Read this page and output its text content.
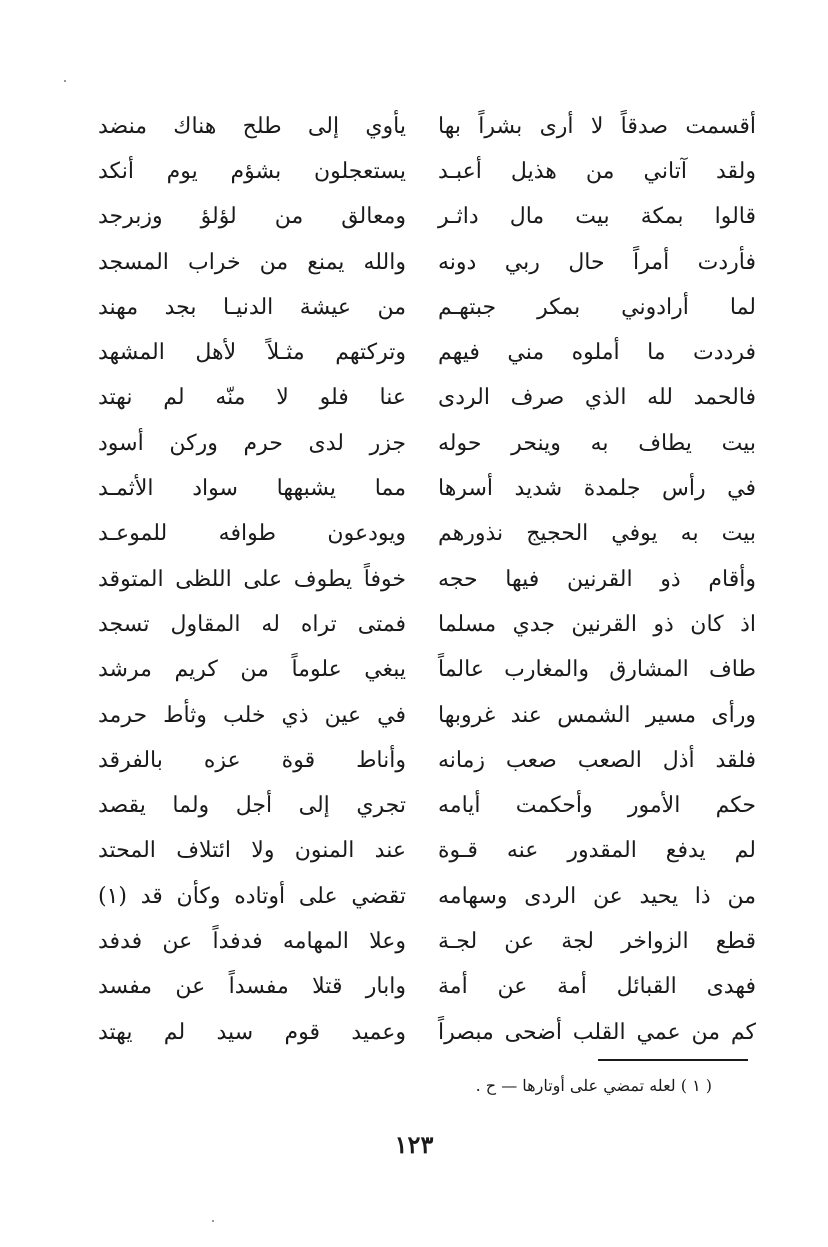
يأوي إلى طلح هناك منضد أقسمت صدقاً لا أرى بشراً بها
يستعجلون بشؤم يوم أنكد ولقد آتاني من هذيل أعبـد
ومعالق من لؤلؤ وزبرجد قالوا بمكة بيت مال داثـر
والله يمنع من خراب المسجد فأردت أمراً حال ربي دونه
من عيشة الدنيـا بجد مهند لما أرادوني بمكر جبتهـم
وتركتهم مثـلاً لأهل المشهد فرددت ما أملوه مني فيهم
عنا فلو لا منّه لم نهتد فالحمد لله الذي صرف الردى
جزر لدى حرم وركن أسود بيت يطاف به وينحر حوله
مما يشبهها سواد الأثمـد في رأس جلمدة شديد أسرها
ويودعون طوافه للموعـد بيت به يوفي الحجيج نذورهم
خوفاً يطوف على اللظى المتوقد وأقام ذو القرنين فيها حجه
فمتى تراه له المقاول تسجد اذ كان ذو القرنين جدي مسلما
يبغي علوماً من كريم مرشد طاف المشارق والمغارب عالماً
في عين ذي خلب وثأط حرمد ورأى مسير الشمس عند غروبها
وأناط قوة عزه بالفرقد فلقد أذل الصعب صعب زمانه
تجري إلى أجل ولما يقصد حكم الأمور وأحكمت أيامه
عند المنون ولا ائتلاف المحتد لم يدفع المقدور عنه قـوة
تقضي على أوتاده وكأن قد (١) من ذا يحيد عن الردى وسهامه
وعلا المهامه فدفداً عن فدفد قطع الزواخر لجة عن لجـة
وابار قتلا مفسداً عن مفسد فهدى القبائل أمة عن أمة
وعميد قوم سيد لم يهتد كم من عمي القلب أضحى مبصراً
( ١ ) لعله تمضي على أوتارها — ح .
١٢٣
